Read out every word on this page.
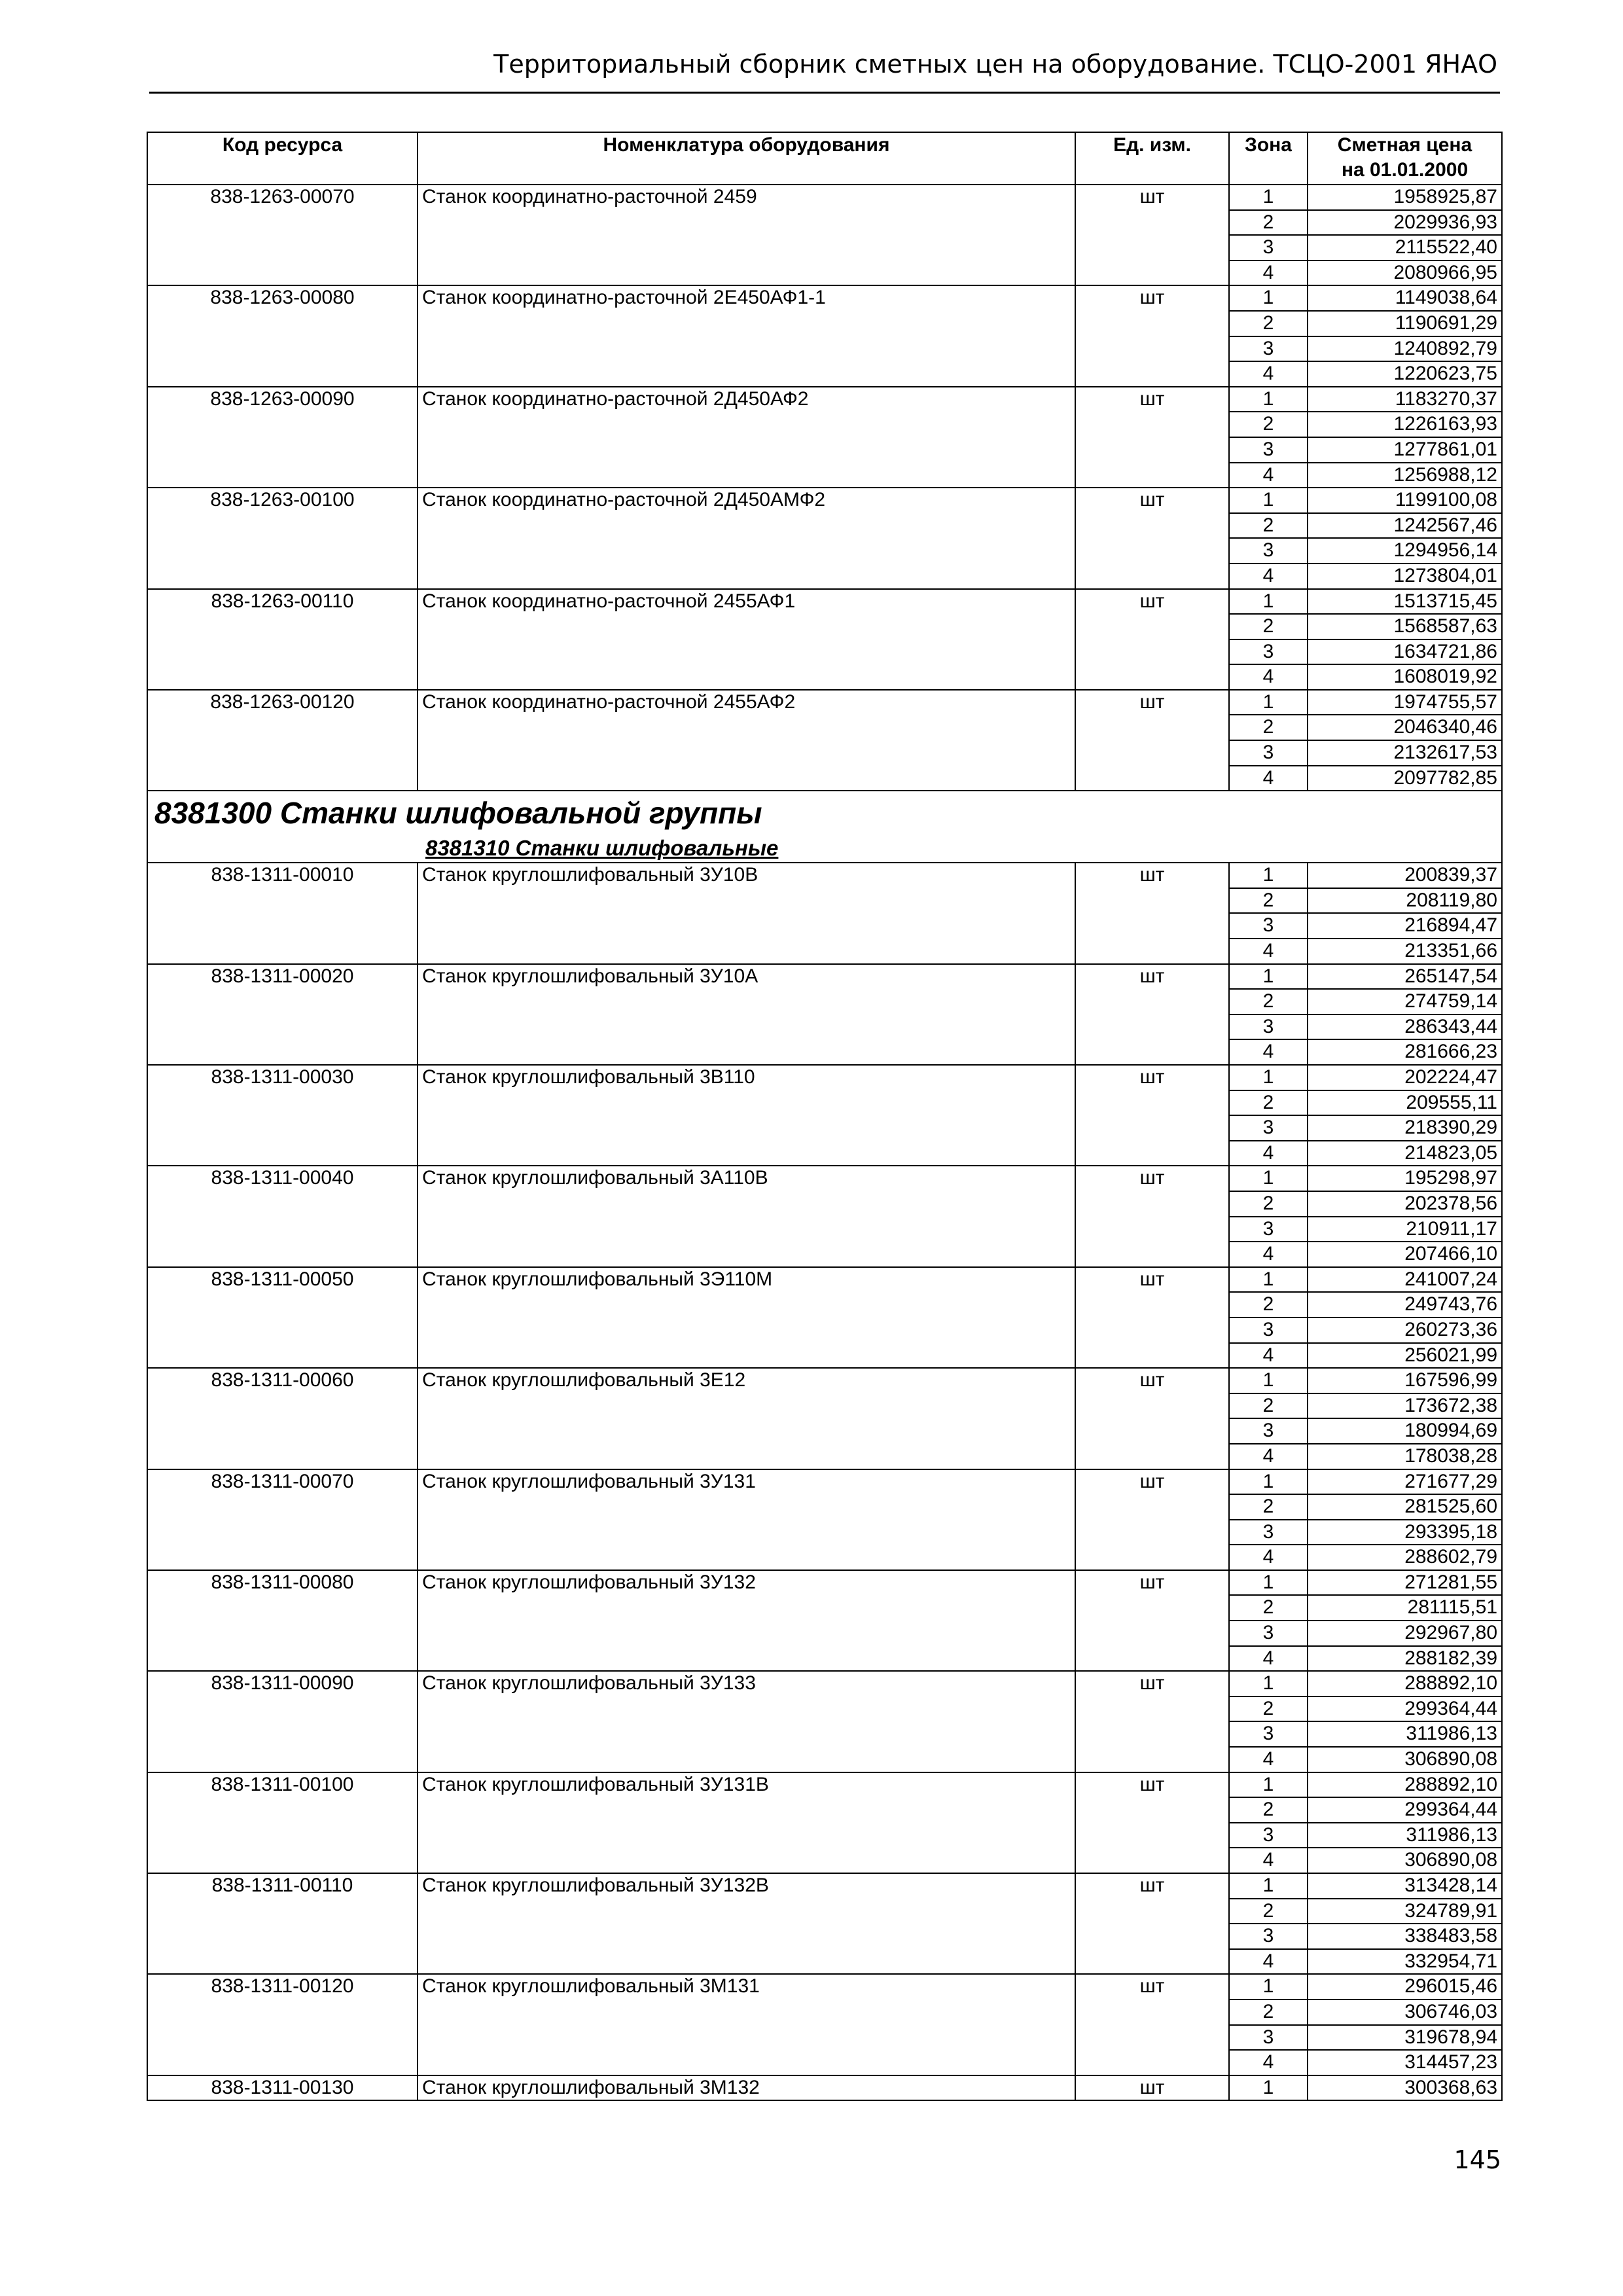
Территориальный сборник сметных цен на оборудование. ТСЦО-2001 ЯНАО
Код ресурса	Номенклатура оборудования	Ед. изм.	Зона	Сметная цена
на 01.01.2000
838-1263-00070	Станок координатно-расточной 2459	шт	1	1958925,87
			2	2029936,93
			3	2115522,40
			4	2080966,95
838-1263-00080	Станок координатно-расточной 2Е450АФ1-1	шт	1	1149038,64
			2	1190691,29
			3	1240892,79
			4	1220623,75
838-1263-00090	Станок координатно-расточной 2Д450АФ2	шт	1	1183270,37
			2	1226163,93
			3	1277861,01
			4	1256988,12
838-1263-00100	Станок координатно-расточной 2Д450АМФ2	шт	1	1199100,08
			2	1242567,46
			3	1294956,14
			4	1273804,01
838-1263-00110	Станок координатно-расточной 2455АФ1	шт	1	1513715,45
			2	1568587,63
			3	1634721,86
			4	1608019,92
838-1263-00120	Станок координатно-расточной 2455АФ2	шт	1	1974755,57
			2	2046340,46
			3	2132617,53
			4	2097782,85
8381300 Станки шлифовальной группы				
8381310 Станки шлифовальные				
838-1311-00010	Станок круглошлифовальный 3У10В	шт	1	200839,37
			2	208119,80
			3	216894,47
			4	213351,66
838-1311-00020	Станок круглошлифовальный 3У10А	шт	1	265147,54
			2	274759,14
			3	286343,44
			4	281666,23
838-1311-00030	Станок круглошлифовальный 3В110	шт	1	202224,47
			2	209555,11
			3	218390,29
			4	214823,05
838-1311-00040	Станок круглошлифовальный 3А110В	шт	1	195298,97
			2	202378,56
			3	210911,17
			4	207466,10
838-1311-00050	Станок круглошлифовальный 3Э110М	шт	1	241007,24
			2	249743,76
			3	260273,36
			4	256021,99
838-1311-00060	Станок круглошлифовальный 3Е12	шт	1	167596,99
			2	173672,38
			3	180994,69
			4	178038,28
838-1311-00070	Станок круглошлифовальный 3У131	шт	1	271677,29
			2	281525,60
			3	293395,18
			4	288602,79
838-1311-00080	Станок круглошлифовальный 3У132	шт	1	271281,55
			2	281115,51
			3	292967,80
			4	288182,39
838-1311-00090	Станок круглошлифовальный 3У133	шт	1	288892,10
			2	299364,44
			3	311986,13
			4	306890,08
838-1311-00100	Станок круглошлифовальный 3У131В	шт	1	288892,10
			2	299364,44
			3	311986,13
			4	306890,08
838-1311-00110	Станок круглошлифовальный 3У132В	шт	1	313428,14
			2	324789,91
			3	338483,58
			4	332954,71
838-1311-00120	Станок круглошлифовальный 3М131	шт	1	296015,46
			2	306746,03
			3	319678,94
			4	314457,23
838-1311-00130	Станок круглошлифовальный 3М132	шт	1	300368,63
145
